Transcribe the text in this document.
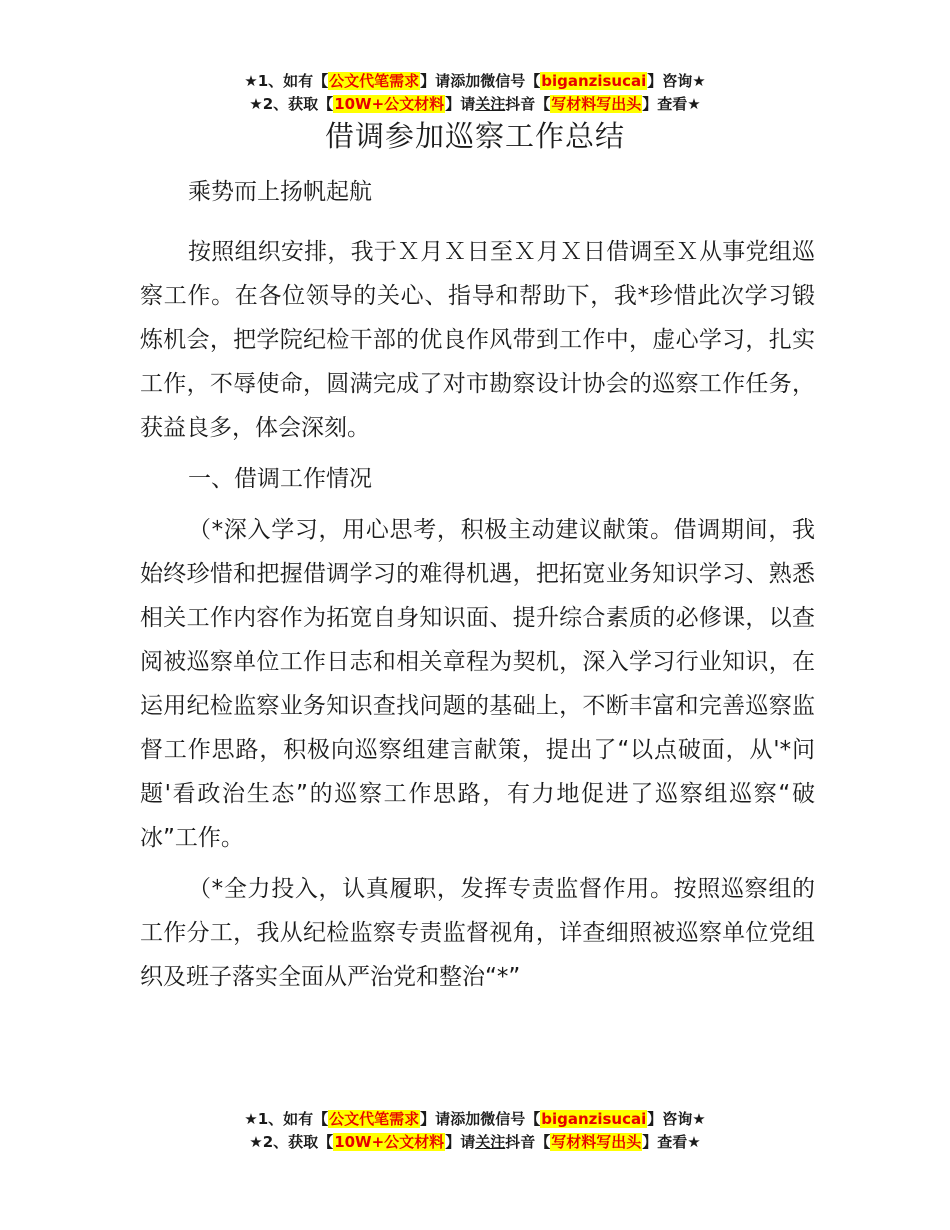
★1、如有【公文代笔需求】请添加微信号【biganzisucai】咨询★
★2、获取【10W+公文材料】请关注抖音【写材料写出头】查看★
借调参加巡察工作总结

乘势而上扬帆起航

按照组织安排，我于Ｘ月Ｘ日至Ｘ月Ｘ日借调至Ｘ从事党组巡察工作。在各位领导的关心、指导和帮助下，我*珍惜此次学习锻炼机会，把学院纪检干部的优良作风带到工作中，虚心学习，扎实工作，不辱使命，圆满完成了对市勘察设计协会的巡察工作任务，获益良多，体会深刻。

一、借调工作情况

（*深入学习，用心思考，积极主动建议献策。借调期间，我始终珍惜和把握借调学习的难得机遇，把拓宽业务知识学习、熟悉相关工作内容作为拓宽自身知识面、提升综合素质的必修课，以查阅被巡察单位工作日志和相关章程为契机，深入学习行业知识，在运用纪检监察业务知识查找问题的基础上，不断丰富和完善巡察监督工作思路，积极向巡察组建言献策，提出了“以点破面，从'*问题'看政治生态”的巡察工作思路，有力地促进了巡察组巡察“破冰”工作。

（*全力投入，认真履职，发挥专责监督作用。按照巡察组的工作分工，我从纪检监察专责监督视角，详查细照被巡察单位党组织及班子落实全面从严治党和整治“*”

★1、如有【公文代笔需求】请添加微信号【biganzisucai】咨询★
★2、获取【10W+公文材料】请关注抖音【写材料写出头】查看★
